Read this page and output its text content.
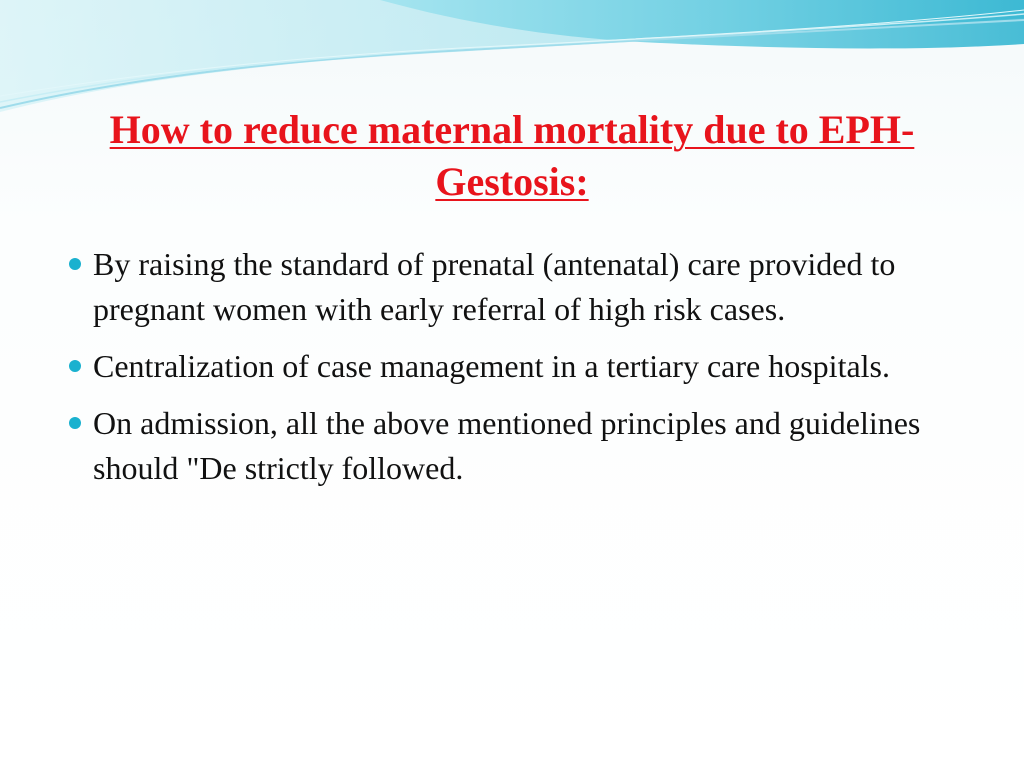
How to reduce maternal mortality due to EPH-Gestosis:
By raising the standard of prenatal (antenatal) care provided to pregnant women with early referral of high risk cases.
Centralization of case management in a tertiary care hospitals.
On admission, all the above mentioned principles and guidelines should "De strictly followed.
